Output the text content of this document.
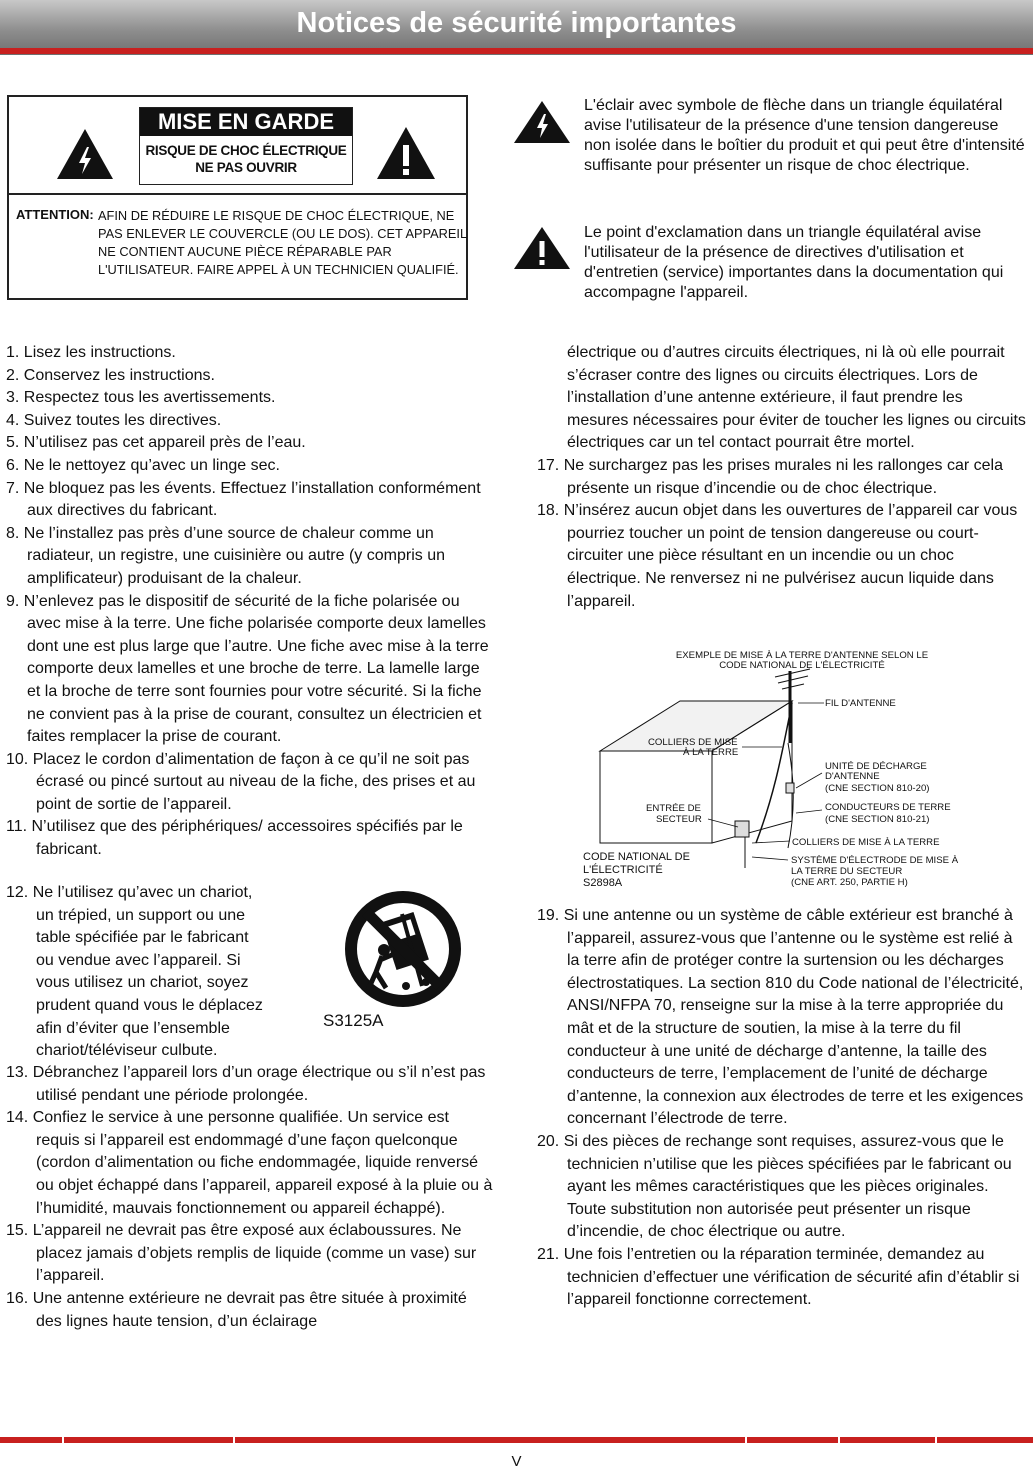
Notices de sécurité importantes
MISE EN GARDE
RISQUE DE CHOC ÉLECTRIQUE
NE PAS OUVRIR
ATTENTION: AFIN DE RÉDUIRE LE RISQUE DE CHOC ÉLECTRIQUE, NE PAS ENLEVER LE COUVERCLE (OU LE DOS). CET APPAREIL NE CONTIENT AUCUNE PIÈCE RÉPARABLE PAR L'UTILISATEUR. FAIRE APPEL À UN TECHNICIEN QUALIFIÉ.
L'éclair avec symbole de flèche dans un triangle équilatéral avise l'utilisateur de la présence d'une tension dangereuse non isolée dans le boîtier du produit et qui peut être d'intensité suffisante pour présenter un risque de choc électrique.
Le point d'exclamation dans un triangle équilatéral avise l'utilisateur de la présence de directives d'utilisation et d'entretien (service) importantes dans la documentation qui accompagne l'appareil.

1. Lisez les instructions.

2. Conservez les instructions.

3. Respectez tous les avertissements.

4. Suivez toutes les directives.

5. N’utilisez pas cet appareil près de l’eau.

6. Ne le nettoyez qu’avec un linge sec.

7. Ne bloquez pas les évents. Effectuez l’installation conformément aux directives du fabricant.

8. Ne l’installez pas près d’une source de chaleur comme un radiateur, un registre, une cuisinière ou autre (y compris un amplificateur) produisant de la chaleur.

9. N’enlevez pas le dispositif de sécurité de la fiche polarisée ou avec mise à la terre. Une fiche polarisée comporte deux lamelles dont une est plus large que l’autre. Une fiche avec mise à la terre comporte deux lamelles et une broche de terre. La lamelle large et la broche de terre sont fournies pour votre sécurité. Si la fiche ne convient pas à la prise de courant, consultez un électricien et faites remplacer la prise de courant.

10. Placez le cordon d’alimentation de façon à ce qu’il ne soit pas écrasé ou pincé surtout au niveau de la fiche, des prises et au point de sortie de l’appareil.

11. N’utilisez que des périphériques/ accessoires spécifiés par le fabricant.

12. Ne l’utilisez qu’avec un chariot,

un trépied, un support ou une

table spécifiée par le fabricant

ou vendue avec l’appareil. Si

vous utilisez un chariot, soyez

prudent quand vous le déplacez

afin d’éviter que l’ensemble

chariot/téléviseur culbute.

S3125A

13. Débranchez l’appareil lors d’un orage électrique ou s’il n’est pas utilisé pendant une période prolongée.

14. Confiez le service à une personne qualifiée. Un service est requis si l’appareil est endommagé d’une façon quelconque (cordon d’alimentation ou fiche endommagée, liquide renversé ou objet échappé dans l’appareil, appareil exposé à la pluie ou à l’humidité, mauvais fonctionnement ou appareil échappé).

15. L’appareil ne devrait pas être exposé aux éclaboussures. Ne placez jamais d’objets remplis de liquide (comme un vase) sur l’appareil.

16. Une antenne extérieure ne devrait pas être située à proximité des lignes haute tension, d’un éclairage

électrique ou d’autres circuits électriques, ni là où elle pourrait s’écraser contre des lignes ou circuits électriques. Lors de l’installation d’une antenne extérieure, il faut prendre les mesures nécessaires pour éviter de toucher les lignes ou circuits électriques car un tel contact pourrait être mortel.

17. Ne surchargez pas les prises murales ni les rallonges car cela présente un risque d’incendie ou de choc électrique.

18. N’insérez aucun objet dans les ouvertures de l’appareil car vous pourriez toucher un point de tension dangereuse ou court-circuiter une pièce résultant en un incendie ou un choc électrique. Ne renversez ni ne pulvérisez aucun liquide dans l’appareil.

EXEMPLE DE MISE À LA TERRE D'ANTENNE SELON LE
CODE NATIONAL DE L'ÉLECTRICITÉ
FIL D'ANTENNE
COLLIERS DE MISE
À LA TERRE
UNITÉ DE DÉCHARGE
D'ANTENNE
(CNE SECTION 810-20)
ENTRÉE DE
SECTEUR
CONDUCTEURS DE TERRE
(CNE SECTION 810-21)
COLLIERS DE MISE À LA TERRE
CODE NATIONAL DE
L'ÉLECTRICITÉ
S2898A
SYSTÈME D'ÉLECTRODE DE MISE À
LA TERRE DU SECTEUR
(CNE ART. 250, PARTIE H)

19. Si une antenne ou un système de câble extérieur est branché à l’appareil, assurez-vous que l’antenne ou le système est relié à la terre afin de protéger contre la surtension ou les décharges électrostatiques. La section 810 du Code national de l’électricité, ANSI/NFPA 70, renseigne sur la mise à la terre appropriée du mât et de la structure de soutien, la mise à la terre du fil conducteur à une unité de décharge d’antenne, la taille des conducteurs de terre, l’emplacement de l’unité de décharge d’antenne, la connexion aux électrodes de terre et les exigences concernant l’électrode de terre.

20. Si des pièces de rechange sont requises, assurez-vous que le technicien n’utilise que les pièces spécifiées par le fabricant ou ayant les mêmes caractéristiques que les pièces originales. Toute substitution non autorisée peut présenter un risque d’incendie, de choc électrique ou autre.

21. Une fois l’entretien ou la réparation terminée, demandez au technicien d’effectuer une vérification de sécurité afin d’établir si l’appareil fonctionne correctement.

V
